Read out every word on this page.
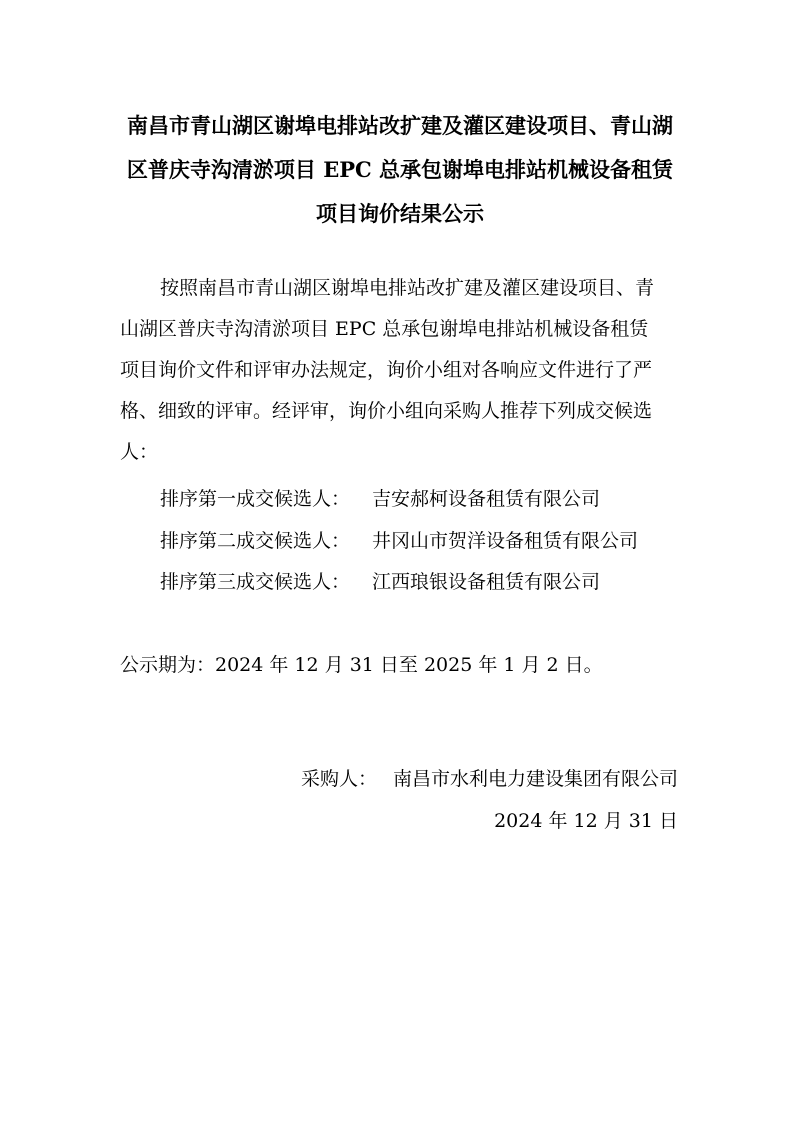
南昌市青山湖区谢埠电排站改扩建及灌区建设项目、青山湖
区普庆寺沟清淤项目 EPC 总承包谢埠电排站机械设备租赁
项目询价结果公示
按照南昌市青山湖区谢埠电排站改扩建及灌区建设项目、青
山湖区普庆寺沟清淤项目 EPC 总承包谢埠电排站机械设备租赁
项目询价文件和评审办法规定，询价小组对各响应文件进行了严
格、细致的评审。经评审，询价小组向采购人推荐下列成交候选
人：
排序第一成交候选人： 吉安郝柯设备租赁有限公司
排序第二成交候选人： 井冈山市贺洋设备租赁有限公司
排序第三成交候选人： 江西琅银设备租赁有限公司
公示期为：2024 年 12 月 31 日至 2025 年 1 月 2 日。
采购人： 南昌市水利电力建设集团有限公司
2024 年 12 月 31 日
